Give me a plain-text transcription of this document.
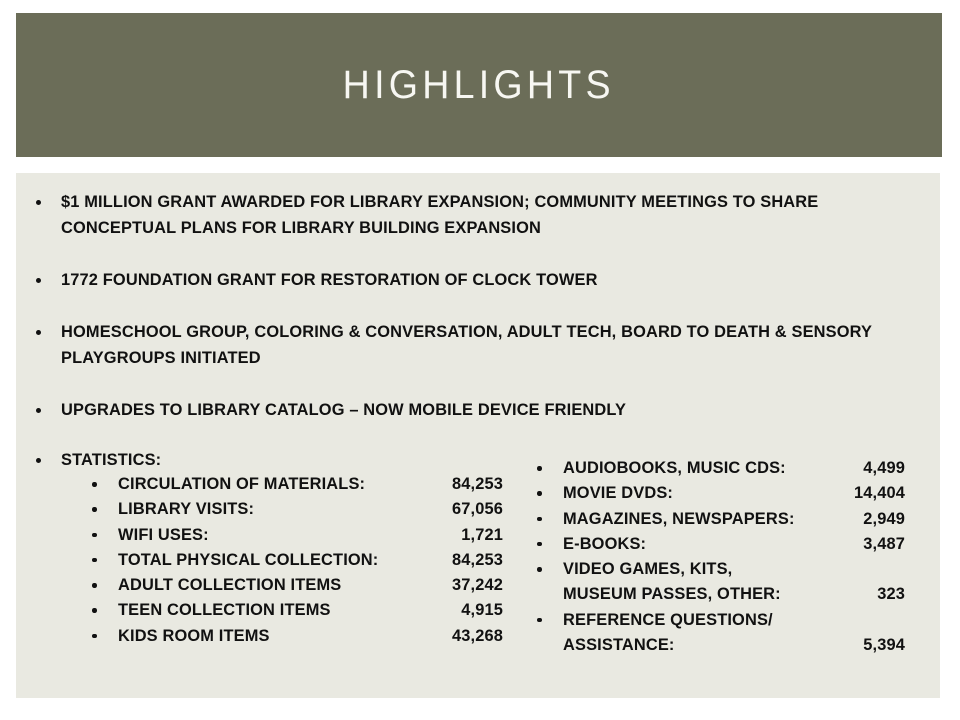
HIGHLIGHTS
$1 MILLION GRANT AWARDED FOR LIBRARY EXPANSION; COMMUNITY MEETINGS TO SHARE CONCEPTUAL PLANS FOR LIBRARY BUILDING EXPANSION
1772 FOUNDATION GRANT FOR RESTORATION OF CLOCK TOWER
HOMESCHOOL GROUP, COLORING & CONVERSATION, ADULT TECH, BOARD TO DEATH & SENSORY PLAYGROUPS INITIATED
UPGRADES TO LIBRARY CATALOG – NOW MOBILE DEVICE FRIENDLY
STATISTICS:
CIRCULATION OF MATERIALS:	84,253
LIBRARY VISITS:	67,056
WIFI USES:	1,721
TOTAL PHYSICAL COLLECTION:	84,253
ADULT COLLECTION ITEMS	37,242
TEEN COLLECTION ITEMS	4,915
KIDS ROOM ITEMS	43,268
AUDIOBOOKS, MUSIC CDS:	4,499
MOVIE DVDS:	14,404
MAGAZINES, NEWSPAPERS:	2,949
E-BOOKS:	3,487
VIDEO GAMES, KITS,
MUSEUM PASSES, OTHER:	323
REFERENCE QUESTIONS/
ASSISTANCE:	5,394
